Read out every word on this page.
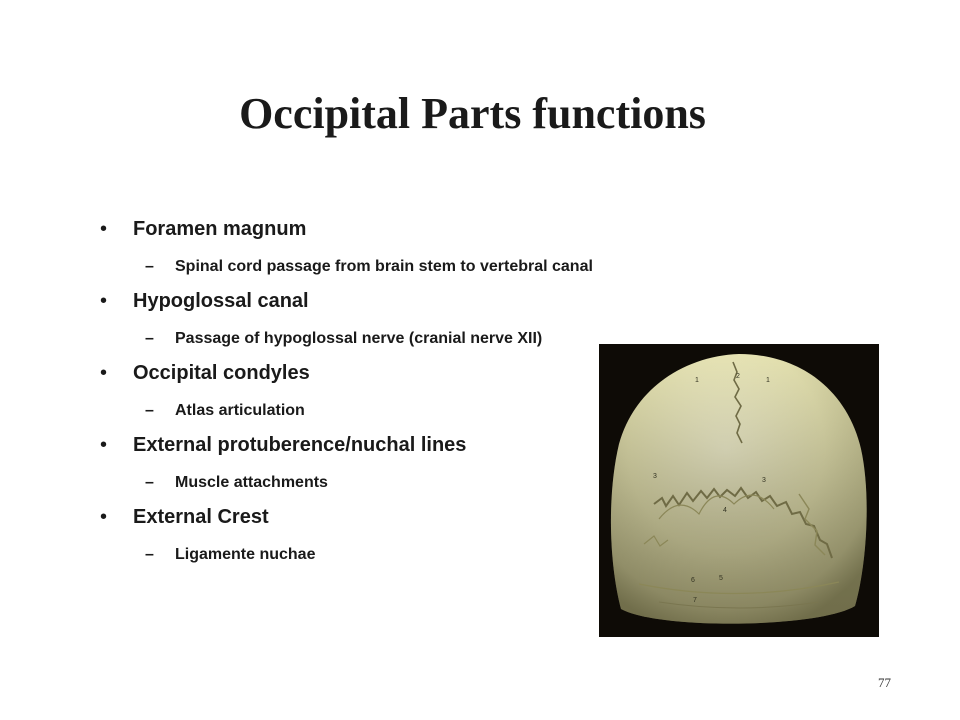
Occipital Parts functions
•	Foramen magnum
–	Spinal cord passage from brain stem to vertebral canal
•	Hypoglossal canal
–	Passage of hypoglossal nerve (cranial nerve XII)
•	Occipital condyles
–	Atlas articulation
•	External protuberence/nuchal lines
–	Muscle attachments
•	External Crest
–	Ligamente nuchae
1
2
1
3
3
4
5
6
7
77
